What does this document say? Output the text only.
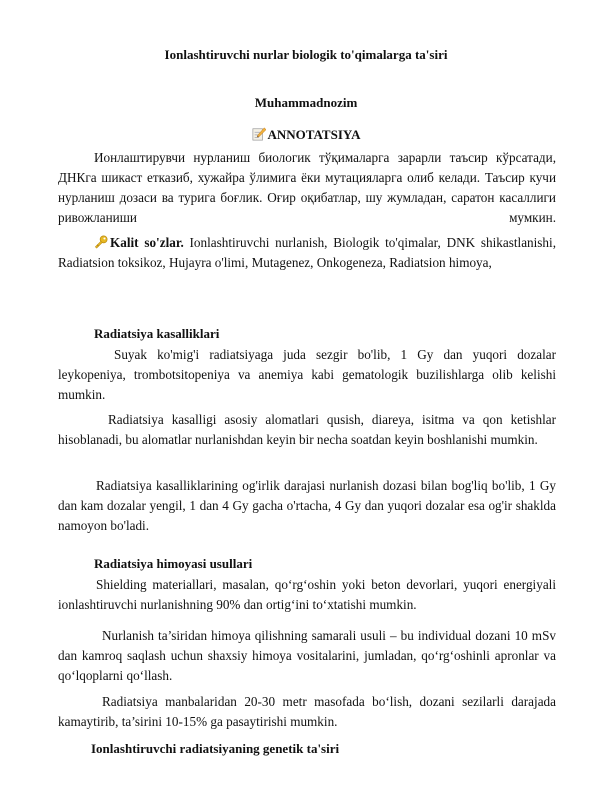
Ionlashtiruvchi nurlar biologik to'qimalarga ta'siri
Muhammadnozim
ANNOTATSIYA

Ионлаштирувчи нурланиш биологик тўқималарга зарарли таъсир кўрсатади, ДНКга шикаст етказиб, хужайра ўлимига ёки мутацияларга олиб келади. Таъсир кучи нурланиш дозаси ва турига боғлик. Оғир оқибатлар, шу жумладан, саратон касаллиги ривожланиши мумкин.

Kalit so'zlar. Ionlashtiruvchi nurlanish, Biologik to'qimalar, DNK shikastlanishi, Radiatsion toksikoz, Hujayra o'limi, Mutagenez, Onkogeneza, Radiatsion himoya,

Radiatsiya kasalliklari

Suyak ko'mig'i radiatsiyaga juda sezgir bo'lib, 1 Gy dan yuqori dozalar leykopeniya, trombotsitopeniya va anemiya kabi gematologik buzilishlarga olib kelishi mumkin.

Radiatsiya kasalligi asosiy alomatlari qusish, diareya, isitma va qon ketishlar hisoblanadi, bu alomatlar nurlanishdan keyin bir necha soatdan keyin boshlanishi mumkin.

Radiatsiya kasalliklarining og'irlik darajasi nurlanish dozasi bilan bog'liq bo'lib, 1 Gy dan kam dozalar yengil, 1 dan 4 Gy gacha o'rtacha, 4 Gy dan yuqori dozalar esa og'ir shaklda namoyon bo'ladi.

Radiatsiya himoyasi usullari

Shielding materiallari, masalan, qo‘rg‘oshin yoki beton devorlari, yuqori energiyali ionlashtiruvchi nurlanishning 90% dan ortig‘ini to‘xtatishi mumkin.

Nurlanish ta’siridan himoya qilishning samarali usuli – bu individual dozani 10 mSv dan kamroq saqlash uchun shaxsiy himoya vositalarini, jumladan, qo‘rg‘oshinli apronlar va qo‘lqoplarni qo‘llash.

Radiatsiya manbalaridan 20-30 metr masofada bo‘lish, dozani sezilarli darajada kamaytirib, ta’sirini 10-15% ga pasaytirishi mumkin.

Ionlashtiruvchi radiatsiyaning genetik ta'siri
